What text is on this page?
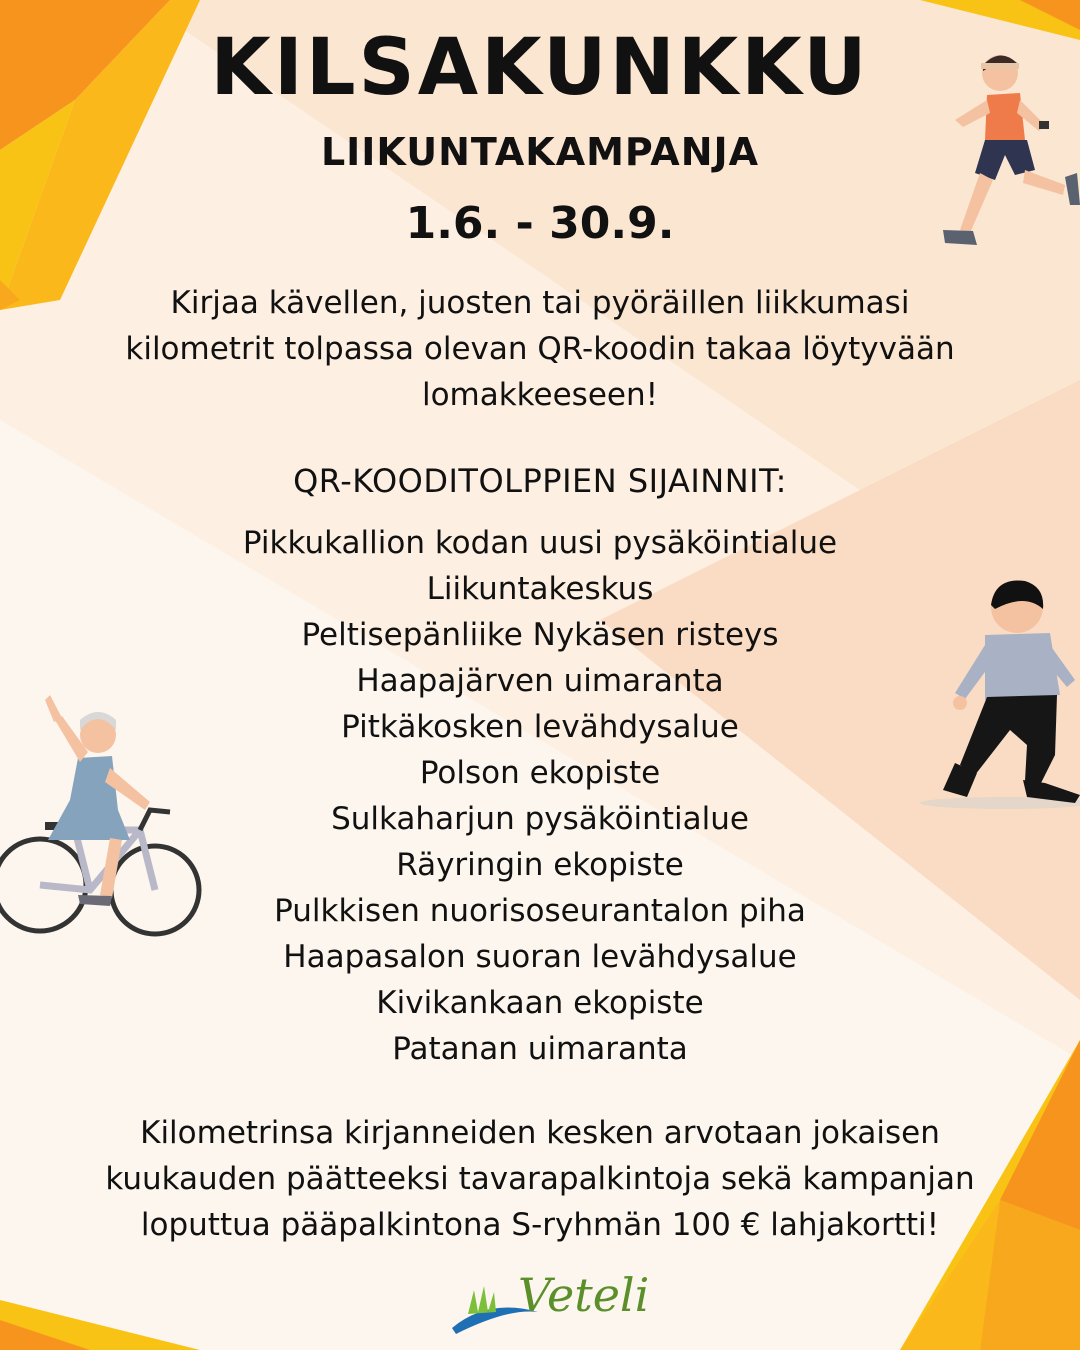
KILSAKUNKKU
LIIKUNTAKAMPANJA
1.6. - 30.9.
Kirjaa kävellen, juosten tai pyöräillen liikkumasi
kilometrit tolpassa olevan QR-koodin takaa löytyvään
lomakkeeseen!
QR-KOODITOLPPIEN SIJAINNIT:
Pikkukallion kodan uusi pysäköintialue
Liikuntakeskus
Peltisepänliike Nykäsen risteys
Haapajärven uimaranta
Pitkäkosken levähdysalue
Polson ekopiste
Sulkaharjun pysäköintialue
Räyringin ekopiste
Pulkkisen nuorisoseurantalon piha
Haapasalon suoran levähdysalue
Kivikankaan ekopiste
Patanan uimaranta
Kilometrinsa kirjanneiden kesken arvotaan jokaisen
kuukauden päätteeksi tavarapalkintoja sekä kampanjan
loputtua pääpalkintona S-ryhmän 100 € lahjakortti!
Veteli
